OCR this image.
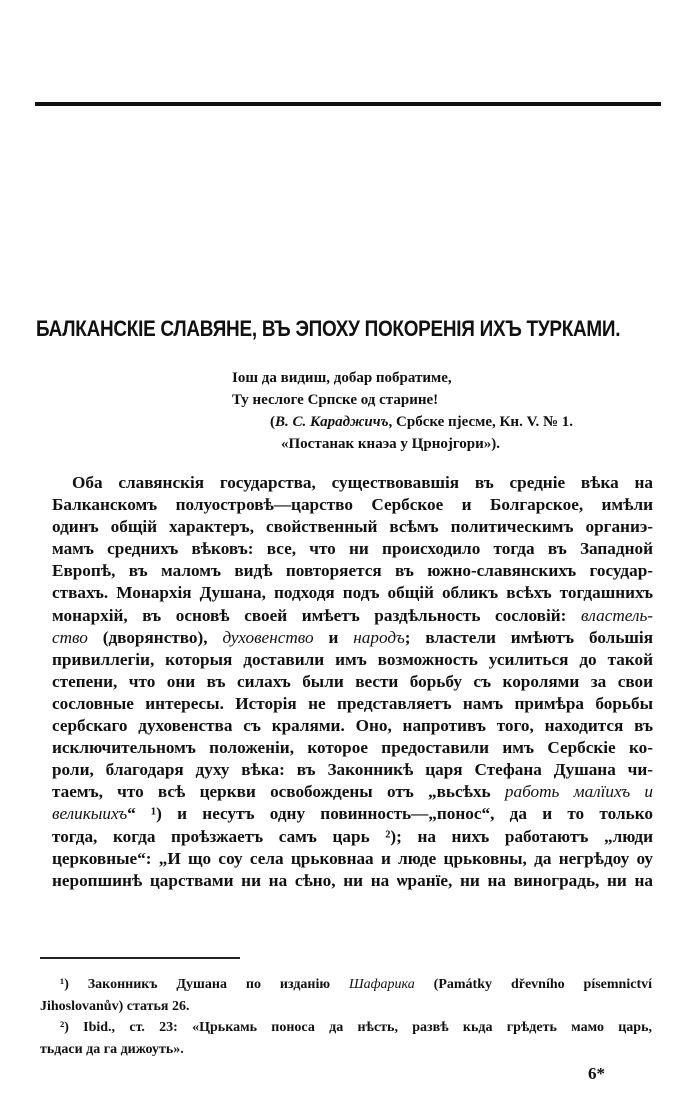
БАЛКАНСКІЕ СЛАВЯНЕ, ВЪ ЭПОХУ ПОКОРЕНІЯ ИХЪ ТУРКАМИ.
Іош да видиш, добар побратиме,
Ту неслоге Српске од старине!
(В. С. Караджичъ, Србске пјесме, Кн. V. № 1.
«Постанак кнаэа у Црнојгори»).
Оба славянскія государства, существовавшія въ средніе вѣка на
Балканскомъ полуостровѣ—царство Сербское и Болгарское, имѣли
одинъ общій характеръ, свойственный всѣмъ политическимъ органиэ-
мамъ среднихъ вѣковъ: все, что ни происходило тогда въ Западной
Европѣ, въ маломъ видѣ повторяется въ южно-славянскихъ государ-
ствахъ. Монархія Душана, подходя подъ общій обликъ всѣхъ тогдашнихъ
монархій, въ основѣ своей имѣетъ раздѣльность сословій: властель-
ство (дворянство), духовенство и народъ; властели имѣютъ большія
привиллегіи, которыя доставили имъ возможность усилиться до такой
степени, что они въ силахъ были вести борьбу съ королями за свои
сословные интересы. Исторія не представляетъ намъ примѣра борьбы
сербскаго духовенства съ кралями. Оно, напротивъ того, находится въ
исключительномъ положеніи, которое предоставили имъ Сербскіе ко-
роли, благодаря духу вѣка: въ Законникѣ царя Стефана Душана чи-
таемъ, что всѣ церкви освобождены отъ „вьсѣхь работь малїихъ и
великыихъ“ ¹) и несутъ одну повинность—„понос“, да и то только
тогда, когда проѣзжаетъ самъ царь ²); на нихъ работаютъ „люди
церковные“: „И що соу села црьковнаа и люде црьковны, да негрѣдоу оу
неропшинѣ царствами ни на сѣно, ни на ѡранїе, ни на виноградь, ни на
¹) Законникъ Душана по изданію Шафарика (Památky dřevního písemnictví
Jihoslovanův) статья 26.
²) Ibid., ст. 23: «Црькамь поноса да нѣсть, развѣ кьда грѣдеть мамо царь,
тьдаси да га дижоуть».
6*
